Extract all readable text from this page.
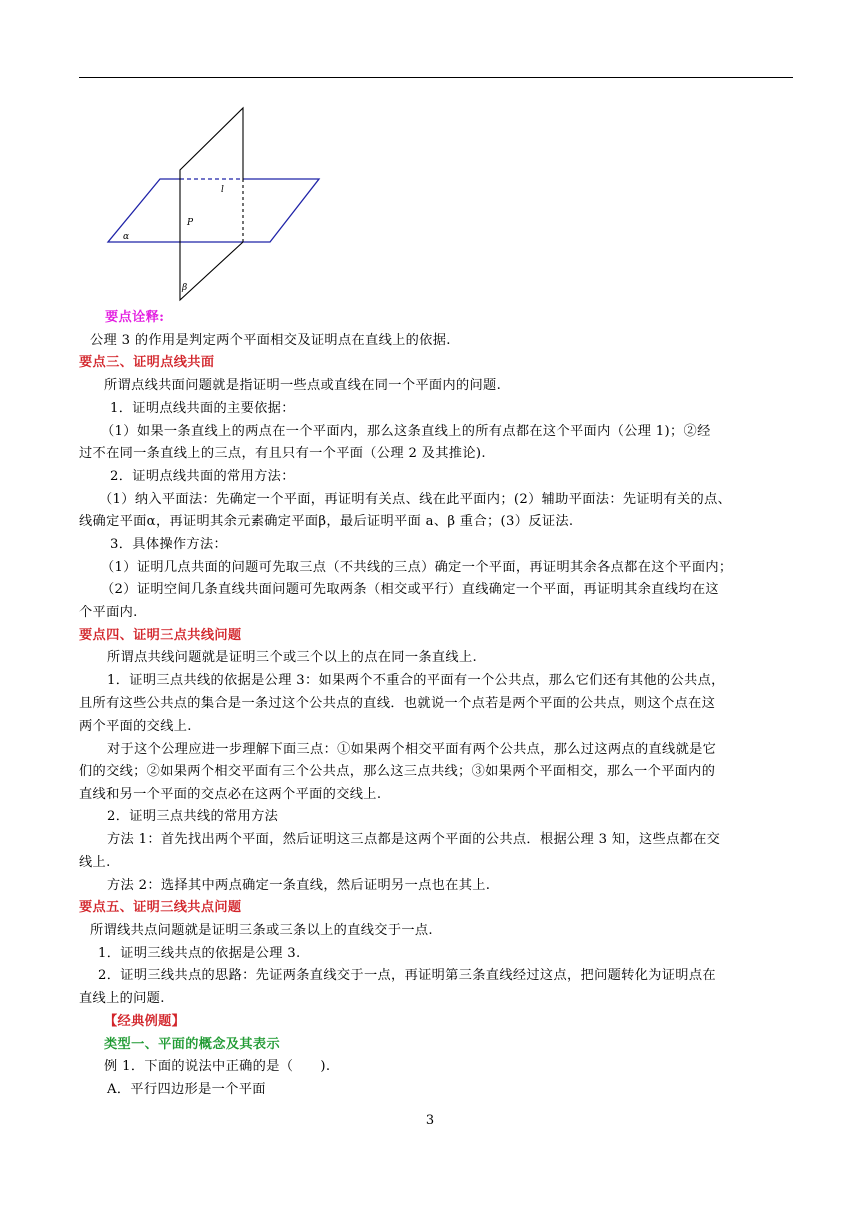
l
P
α
β
要点诠释:
公理 3 的作用是判定两个平面相交及证明点在直线上的依据.
要点三、证明点线共面
所谓点线共面问题就是指证明一些点或直线在同一个平面内的问题.
1．证明点线共面的主要依据：
（1）如果一条直线上的两点在一个平面内，那么这条直线上的所有点都在这个平面内（公理 1)；②经
过不在同一条直线上的三点，有且只有一个平面（公理 2 及其推论).
2．证明点线共面的常用方法：
（1）纳入平面法：先确定一个平面，再证明有关点、线在此平面内；(2）辅助平面法：先证明有关的点、
线确定平面α，再证明其余元素确定平面β，最后证明平面 a、β 重合；(3）反证法.
3．具体操作方法：
（1）证明几点共面的问题可先取三点（不共线的三点）确定一个平面，再证明其余各点都在这个平面内；
（2）证明空间几条直线共面问题可先取两条（相交或平行）直线确定一个平面，再证明其余直线均在这
个平面内.
要点四、证明三点共线问题
所谓点共线问题就是证明三个或三个以上的点在同一条直线上.
1．证明三点共线的依据是公理 3：如果两个不重合的平面有一个公共点，那么它们还有其他的公共点，
且所有这些公共点的集合是一条过这个公共点的直线．也就说一个点若是两个平面的公共点，则这个点在这
两个平面的交线上.
对于这个公理应进一步理解下面三点：①如果两个相交平面有两个公共点，那么过这两点的直线就是它
们的交线；②如果两个相交平面有三个公共点，那么这三点共线；③如果两个平面相交，那么一个平面内的
直线和另一个平面的交点必在这两个平面的交线上.
2．证明三点共线的常用方法
方法 1：首先找出两个平面，然后证明这三点都是这两个平面的公共点．根据公理 3 知，这些点都在交
线上.
方法 2：选择其中两点确定一条直线，然后证明另一点也在其上.
要点五、证明三线共点问题
所谓线共点问题就是证明三条或三条以上的直线交于一点.
1．证明三线共点的依据是公理 3.
2．证明三线共点的思路：先证两条直线交于一点，再证明第三条直线经过这点，把问题转化为证明点在
直线上的问题.
【经典例题】
类型一、平面的概念及其表示
例 1．下面的说法中正确的是（　　).
A．平行四边形是一个平面
3
